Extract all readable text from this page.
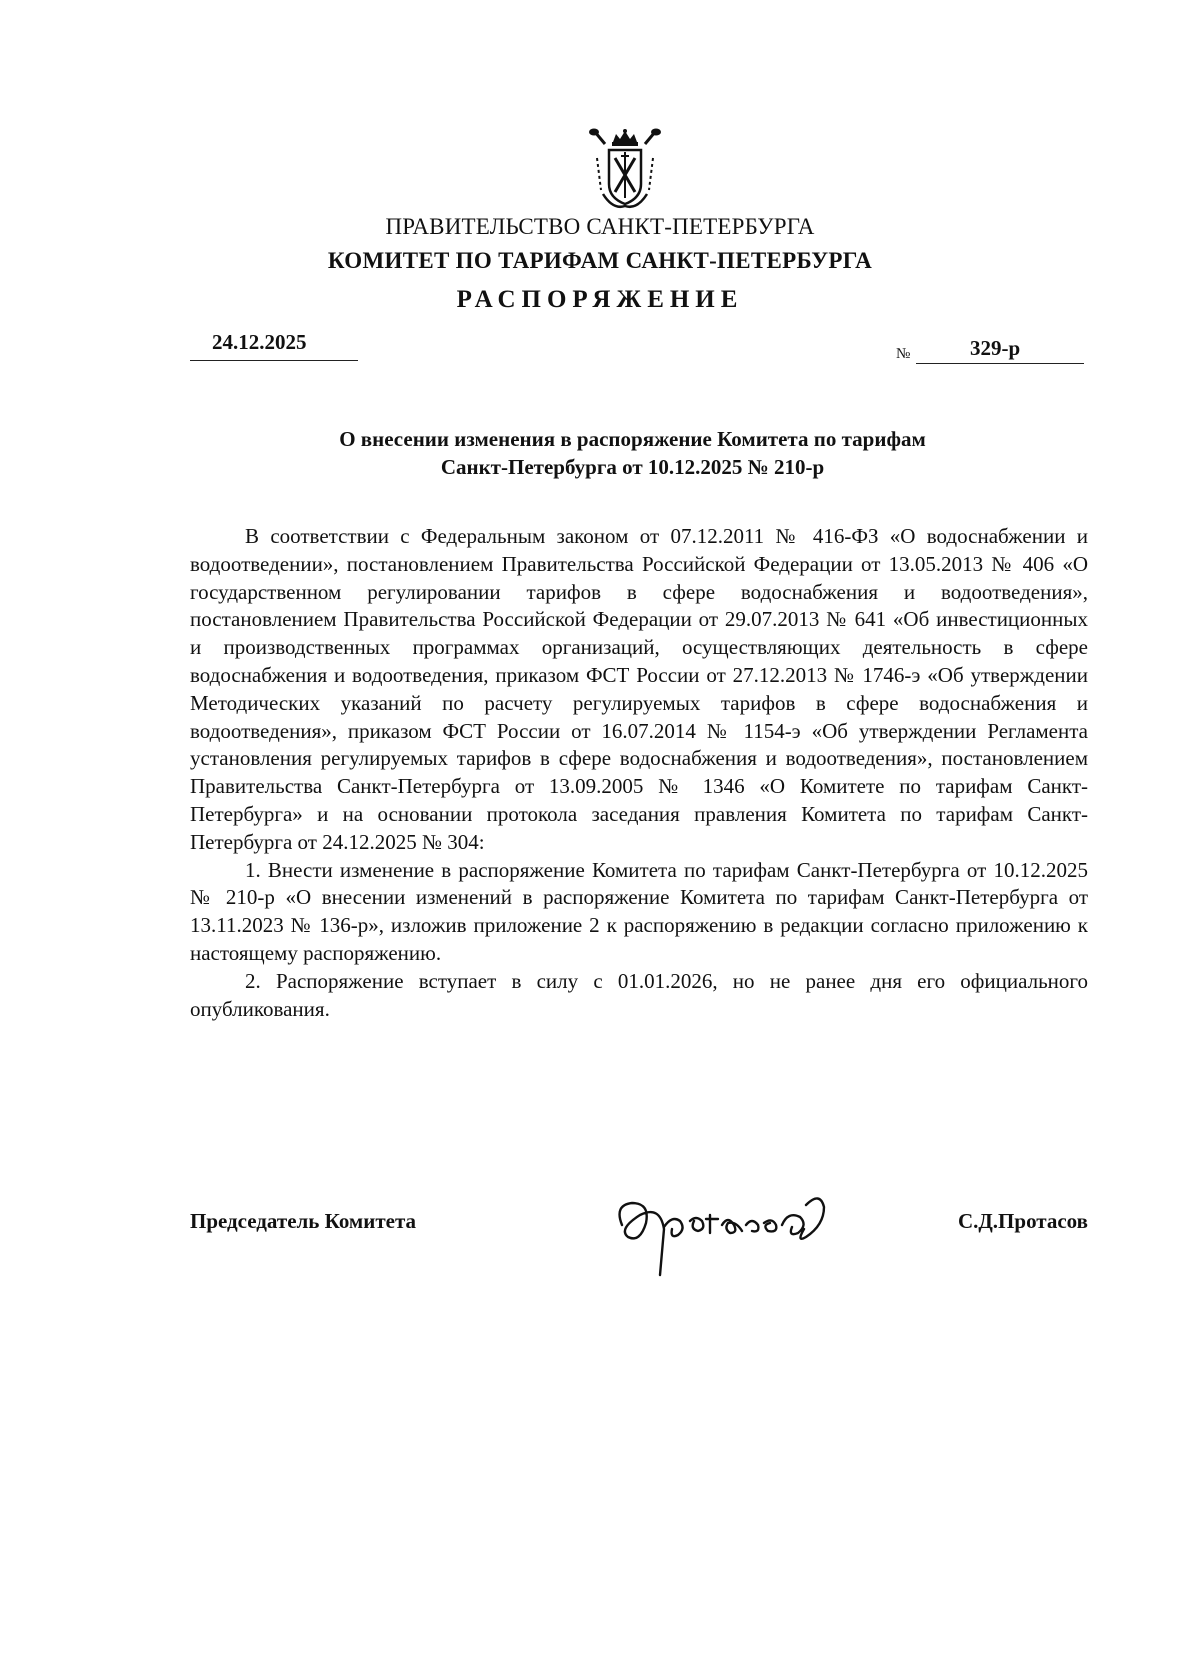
ПРАВИТЕЛЬСТВО САНКТ-ПЕТЕРБУРГА
КОМИТЕТ ПО ТАРИФАМ САНКТ-ПЕТЕРБУРГА
РАСПОРЯЖЕНИЕ
24.12.2025	№	329-р
О внесении изменения в распоряжение Комитета по тарифам
Санкт-Петербурга от 10.12.2025 № 210-р

В соответствии с Федеральным законом от 07.12.2011 № 416-ФЗ «О водоснабжении и водоотведении», постановлением Правительства Российской Федерации от 13.05.2013 № 406 «О государственном регулировании тарифов в сфере водоснабжения и водоотведения», постановлением Правительства Российской Федерации от 29.07.2013 № 641 «Об инвестиционных и производственных программах организаций, осуществляющих деятельность в сфере водоснабжения и водоотведения, приказом ФСТ России от 27.12.2013 № 1746-э «Об утверждении Методических указаний по расчету регулируемых тарифов в сфере водоснабжения и водоотведения», приказом ФСТ России от 16.07.2014 № 1154-э «Об утверждении Регламента установления регулируемых тарифов в сфере водоснабжения и водоотведения», постановлением Правительства Санкт-Петербурга от 13.09.2005 № 1346 «О Комитете по тарифам Санкт-Петербурга» и на основании протокола заседания правления Комитета по тарифам Санкт-Петербурга от 24.12.2025 № 304:

1. Внести изменение в распоряжение Комитета по тарифам Санкт-Петербурга от 10.12.2025 № 210-р «О внесении изменений в распоряжение Комитета по тарифам Санкт-Петербурга от 13.11.2023 № 136-р», изложив приложение 2 к распоряжению в редакции согласно приложению к настоящему распоряжению.

2. Распоряжение вступает в силу с 01.01.2026, но не ранее дня его официального опубликования.

Председатель Комитета	С.Д.Протасов
